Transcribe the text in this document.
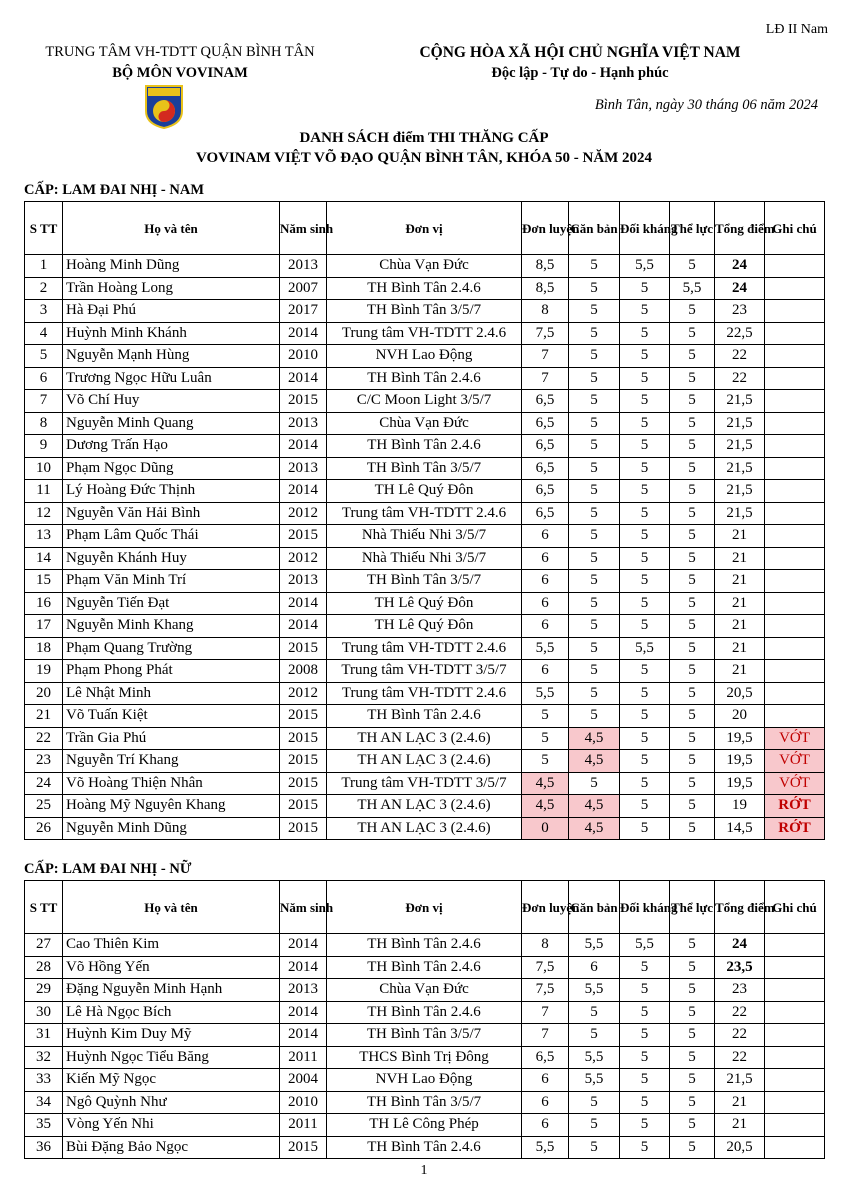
LĐ II Nam
TRUNG TÂM VH-TDTT QUẬN BÌNH TÂN
BỘ MÔN VOVINAM
CỘNG HÒA XÃ HỘI CHỦ NGHĨA VIỆT NAM
Độc lập - Tự do - Hạnh phúc
Bình Tân, ngày 30 tháng 06 năm 2024
DANH SÁCH điểm THI THĂNG CẤP
VOVINAM VIỆT VÕ ĐẠO QUẬN BÌNH TÂN, KHÓA 50 - NĂM 2024
CẤP: LAM ĐAI NHỊ - NAM
S TT	Họ và tên	Năm sinh	Đơn vị	Đơn luyện	Căn bản	Đối kháng	Thể lực	Tổng điểm	Ghi chú
1	Hoàng Minh Dũng	2013	Chùa Vạn Đức	8,5	5	5,5	5	24	
2	Trần Hoàng Long	2007	TH Bình Tân 2.4.6	8,5	5	5	5,5	24	
3	Hà Đại Phú	2017	TH Bình Tân 3/5/7	8	5	5	5	23	
4	Huỳnh Minh Khánh	2014	Trung tâm VH-TDTT 2.4.6	7,5	5	5	5	22,5	
5	Nguyễn Mạnh Hùng	2010	NVH Lao Động	7	5	5	5	22	
6	Trương Ngọc Hữu Luân	2014	TH Bình Tân 2.4.6	7	5	5	5	22	
7	Võ Chí Huy	2015	C/C Moon Light 3/5/7	6,5	5	5	5	21,5	
8	Nguyễn Minh Quang	2013	Chùa Vạn Đức	6,5	5	5	5	21,5	
9	Dương Trấn Hạo	2014	TH Bình Tân 2.4.6	6,5	5	5	5	21,5	
10	Phạm Ngọc Dũng	2013	TH Bình Tân 3/5/7	6,5	5	5	5	21,5	
11	Lý Hoàng Đức Thịnh	2014	TH Lê Quý Đôn	6,5	5	5	5	21,5	
12	Nguyễn Văn Hải Bình	2012	Trung tâm VH-TDTT 2.4.6	6,5	5	5	5	21,5	
13	Phạm Lâm Quốc Thái	2015	Nhà Thiếu Nhi 3/5/7	6	5	5	5	21	
14	Nguyễn Khánh Huy	2012	Nhà Thiếu Nhi 3/5/7	6	5	5	5	21	
15	Phạm Văn Minh Trí	2013	TH Bình Tân 3/5/7	6	5	5	5	21	
16	Nguyễn Tiến Đạt	2014	TH Lê Quý Đôn	6	5	5	5	21	
17	Nguyễn Minh Khang	2014	TH Lê Quý Đôn	6	5	5	5	21	
18	Phạm Quang Trường	2015	Trung tâm VH-TDTT 2.4.6	5,5	5	5,5	5	21	
19	Phạm Phong Phát	2008	Trung tâm VH-TDTT 3/5/7	6	5	5	5	21	
20	Lê Nhật Minh	2012	Trung tâm VH-TDTT 2.4.6	5,5	5	5	5	20,5	
21	Võ Tuấn Kiệt	2015	TH Bình Tân 2.4.6	5	5	5	5	20	
22	Trần Gia Phú	2015	TH AN LẠC 3 (2.4.6)	5	4,5	5	5	19,5	VỚT
23	Nguyễn Trí Khang	2015	TH AN LẠC 3 (2.4.6)	5	4,5	5	5	19,5	VỚT
24	Võ Hoàng Thiện Nhân	2015	Trung tâm VH-TDTT 3/5/7	4,5	5	5	5	19,5	VỚT
25	Hoàng Mỹ Nguyên Khang	2015	TH AN LẠC 3 (2.4.6)	4,5	4,5	5	5	19	RỚT
26	Nguyễn Minh Dũng	2015	TH AN LẠC 3 (2.4.6)	0	4,5	5	5	14,5	RỚT
CẤP: LAM ĐAI NHỊ - NỮ
S TT	Họ và tên	Năm sinh	Đơn vị	Đơn luyện	Căn bản	Đối kháng	Thể lực	Tổng điểm	Ghi chú
27	Cao Thiên Kim	2014	TH Bình Tân 2.4.6	8	5,5	5,5	5	24	
28	Võ Hồng Yến	2014	TH Bình Tân 2.4.6	7,5	6	5	5	23,5	
29	Đặng Nguyễn Minh Hạnh	2013	Chùa Vạn Đức	7,5	5,5	5	5	23	
30	Lê Hà Ngọc Bích	2014	TH Bình Tân 2.4.6	7	5	5	5	22	
31	Huỳnh Kim Duy Mỹ	2014	TH Bình Tân 3/5/7	7	5	5	5	22	
32	Huỳnh Ngọc Tiểu Băng	2011	THCS Bình Trị Đông	6,5	5,5	5	5	22	
33	Kiến Mỹ Ngọc	2004	NVH Lao Động	6	5,5	5	5	21,5	
34	Ngô Quỳnh Như	2010	TH Bình Tân 3/5/7	6	5	5	5	21	
35	Vòng Yến Nhi	2011	TH Lê Công Phép	6	5	5	5	21	
36	Bùi Đặng Bảo Ngọc	2015	TH Bình Tân 2.4.6	5,5	5	5	5	20,5	
1
